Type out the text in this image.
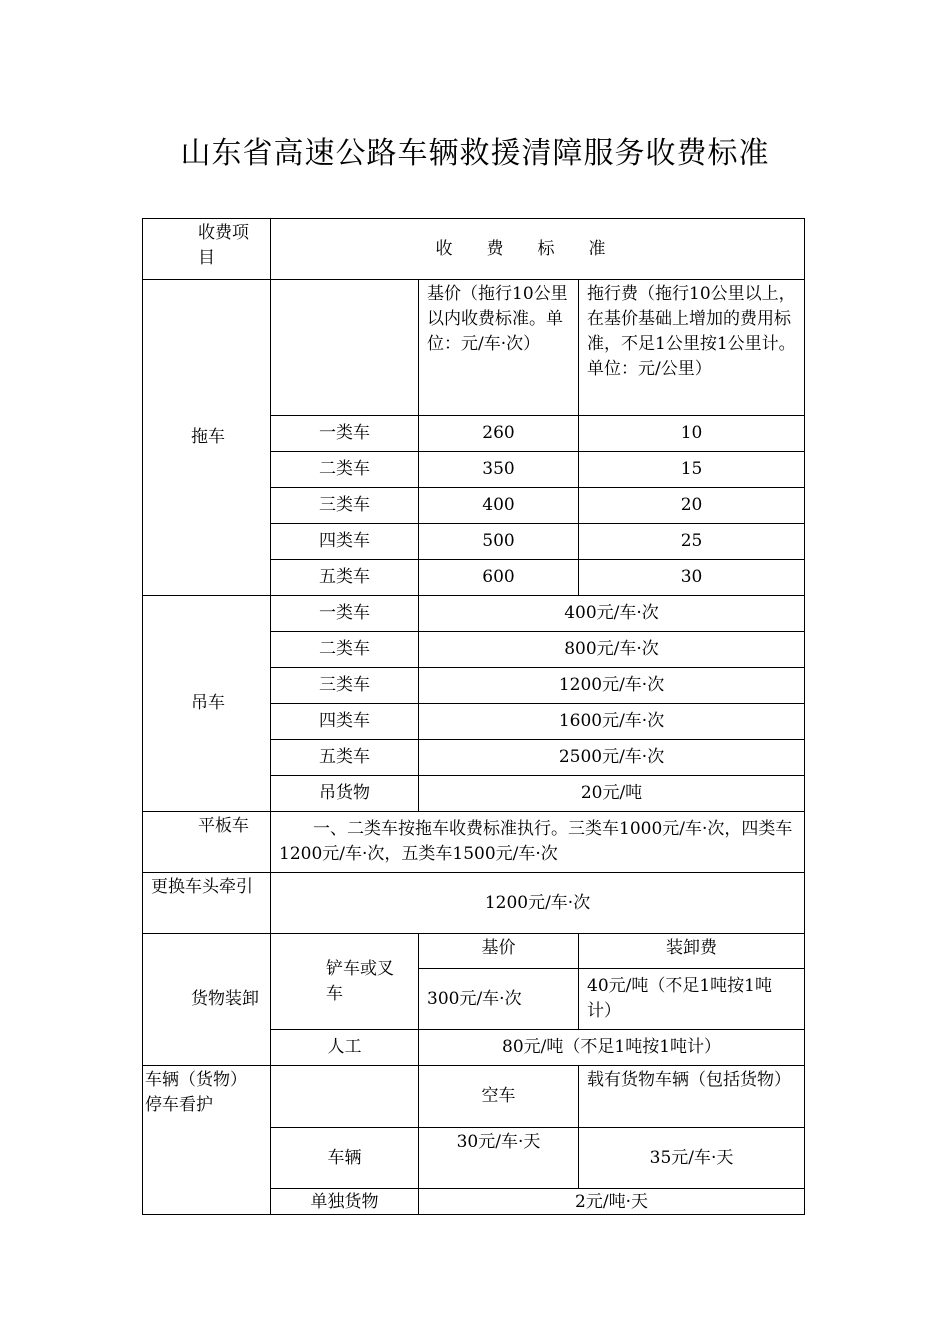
山东省高速公路车辆救援清障服务收费标准
收费项目	收费标准		
拖车		基价（拖行10公里以内收费标准。单位：元/车·次）	拖行费（拖行10公里以上，在基价基础上增加的费用标准，不足1公里按1公里计。单位：元/公里）
	一类车	260	10
	二类车	350	15
	三类车	400	20
	四类车	500	25
	五类车	600	30
吊车	一类车	400元/车·次	
	二类车	800元/车·次	
	三类车	1200元/车·次	
	四类车	1600元/车·次	
	五类车	2500元/车·次	
	吊货物	20元/吨	
平板车	一、二类车按拖车收费标准执行。三类车1000元/车·次，四类车1200元/车·次，五类车1500元/车·次		
更换车头牵引	1200元/车·次		
货物装卸	铲车或叉车	基价	装卸费
		300元/车·次	40元/吨（不足1吨按1吨计）
	人工	80元/吨（不足1吨按1吨计）	
车辆（货物）停车看护		空车	载有货物车辆（包括货物）
	车辆	30元/车·天	35元/车·天
	单独货物	2元/吨·天	
